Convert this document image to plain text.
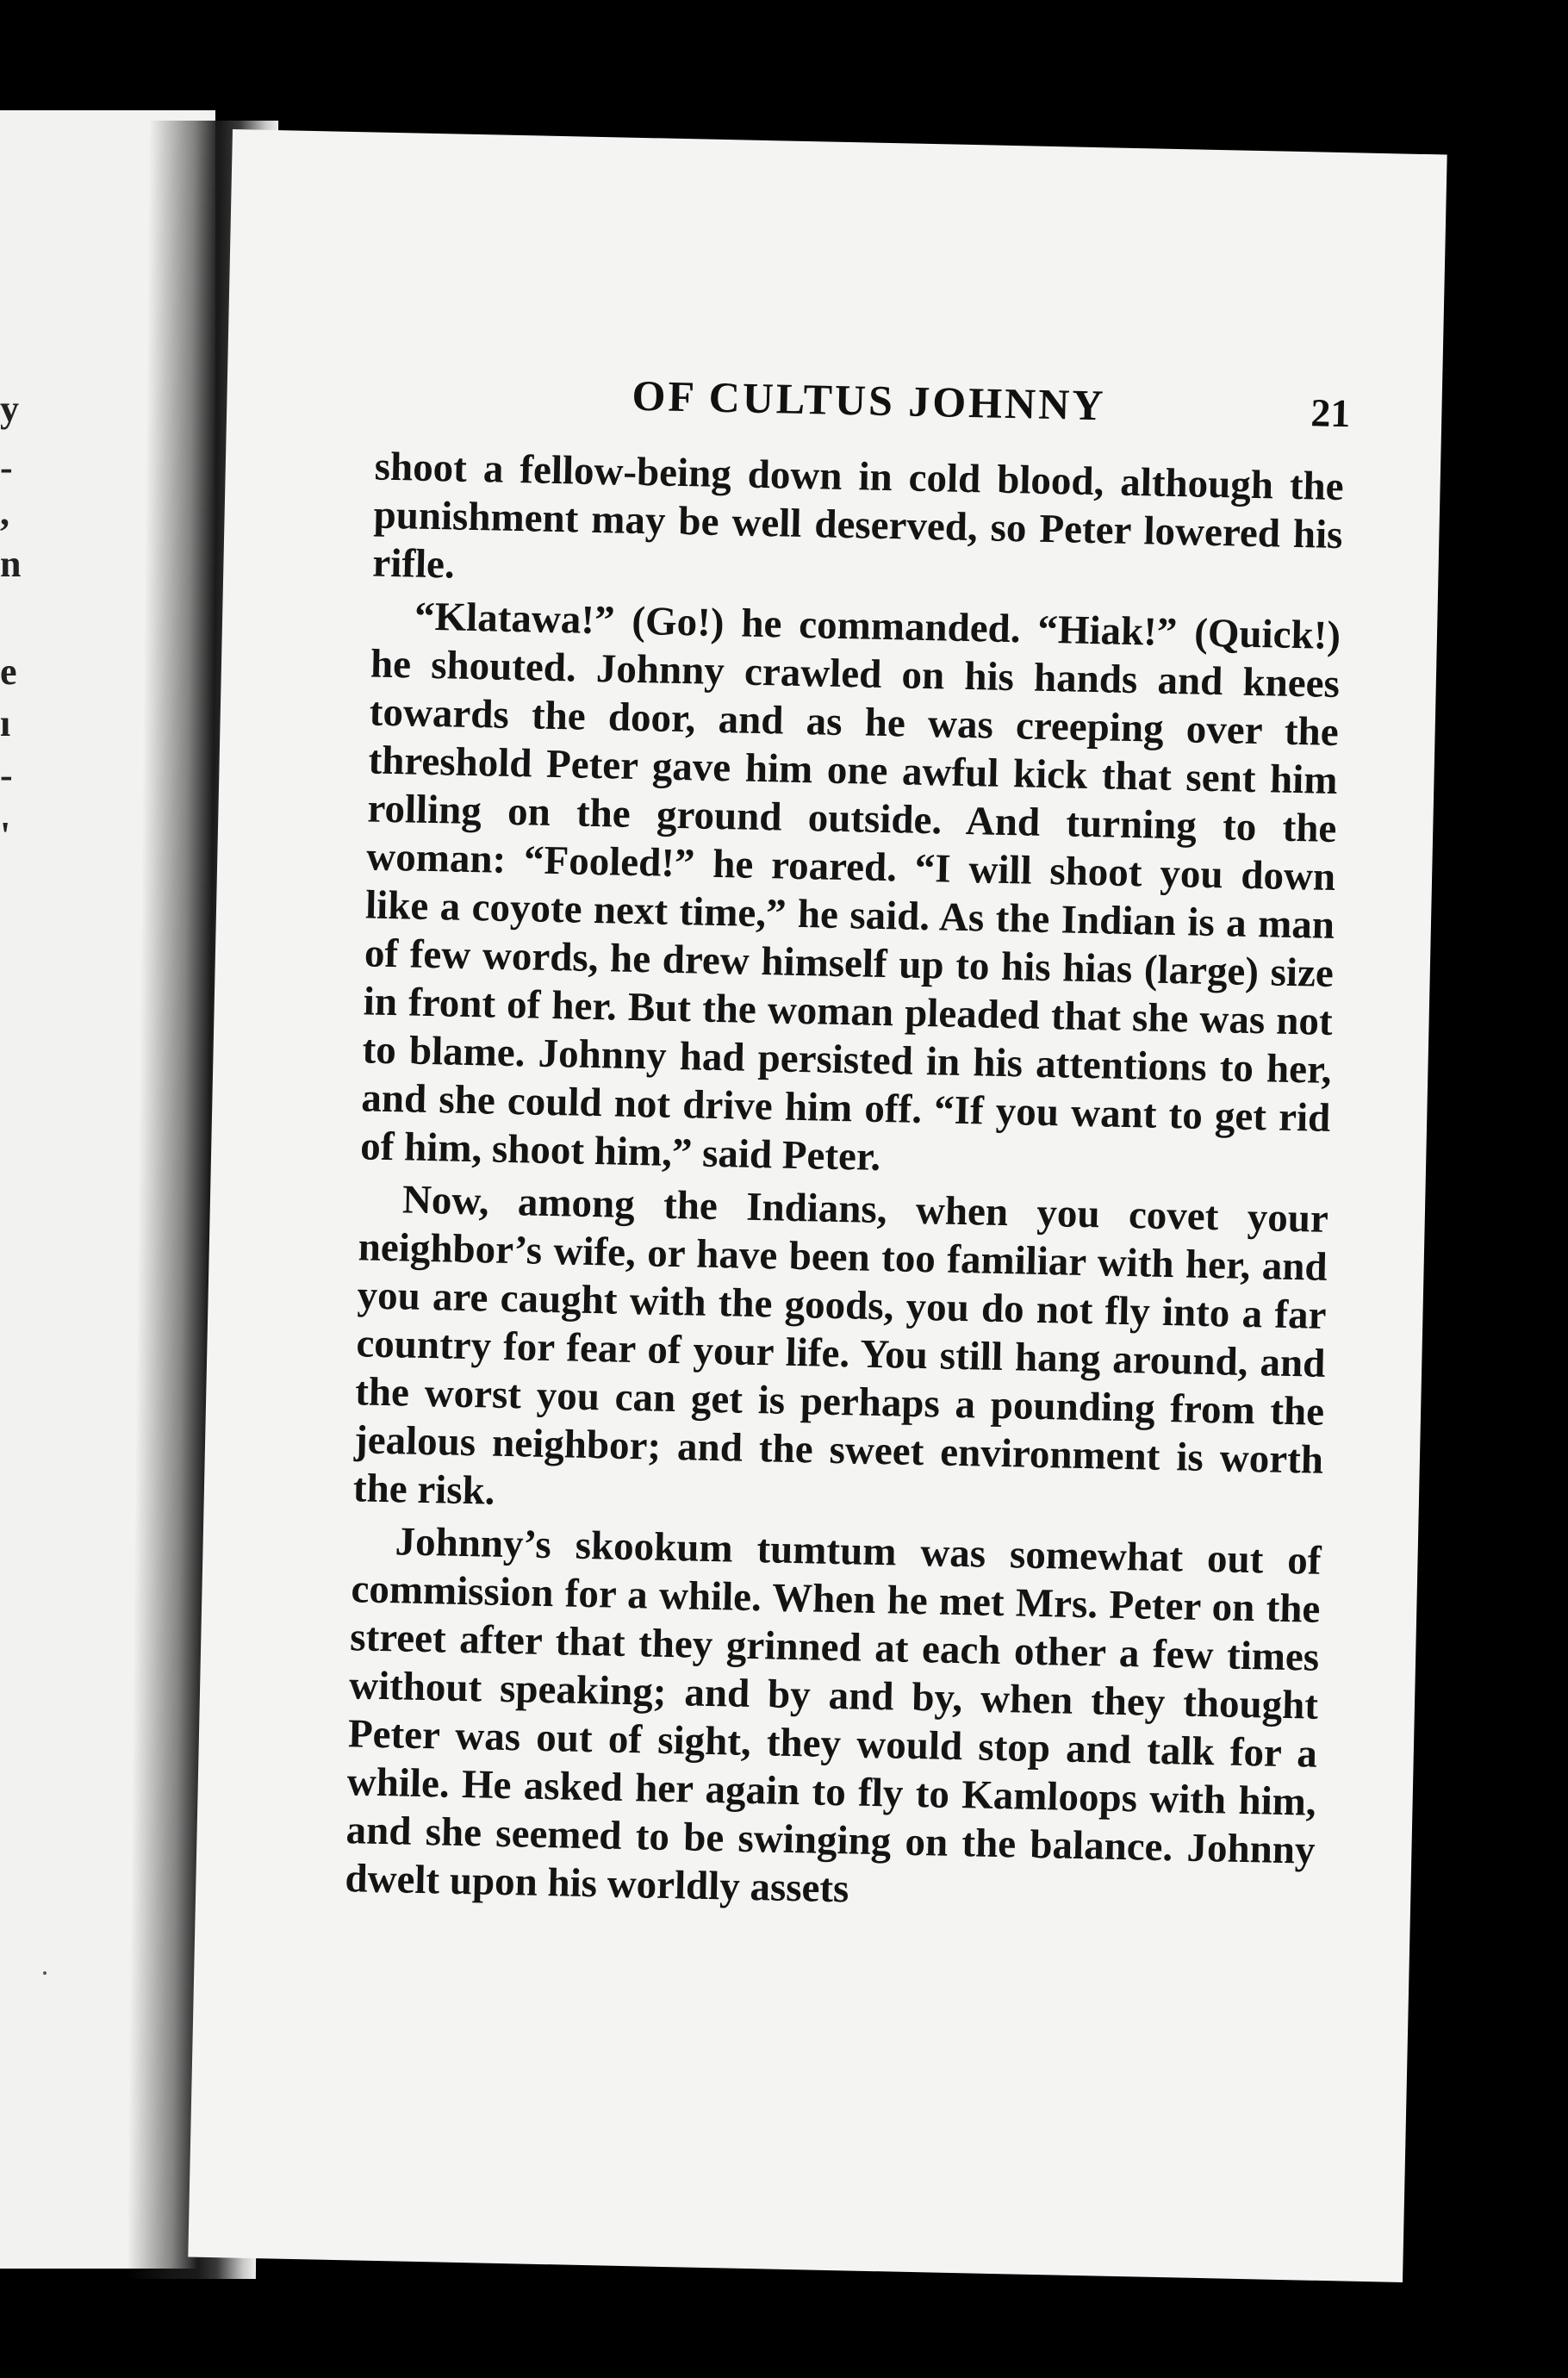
y
-
,
n
e
ı
-
'
OF CULTUS JOHNNY	21

shoot a fellow-being down in cold blood, although the punishment may be well deserved, so Peter lowered his rifle.

“Klatawa!” (Go!) he commanded. “Hiak!” (Quick!) he shouted. Johnny crawled on his hands and knees towards the door, and as he was creeping over the threshold Peter gave him one awful kick that sent him rolling on the ground outside. And turning to the woman: “Fooled!” he roared. “I will shoot you down like a coyote next time,” he said. As the Indian is a man of few words, he drew himself up to his hias (large) size in front of her. But the woman pleaded that she was not to blame. Johnny had persisted in his attentions to her, and she could not drive him off. “If you want to get rid of him, shoot him,” said Peter.

Now, among the Indians, when you covet your neighbor’s wife, or have been too familiar with her, and you are caught with the goods, you do not fly into a far country for fear of your life. You still hang around, and the worst you can get is perhaps a pounding from the jealous neighbor; and the sweet environment is worth the risk.

Johnny’s skookum tumtum was somewhat out of commission for a while. When he met Mrs. Peter on the street after that they grinned at each other a few times without speaking; and by and by, when they thought Peter was out of sight, they would stop and talk for a while. He asked her again to fly to Kamloops with him, and she seemed to be swinging on the balance. Johnny dwelt upon his worldly assets
